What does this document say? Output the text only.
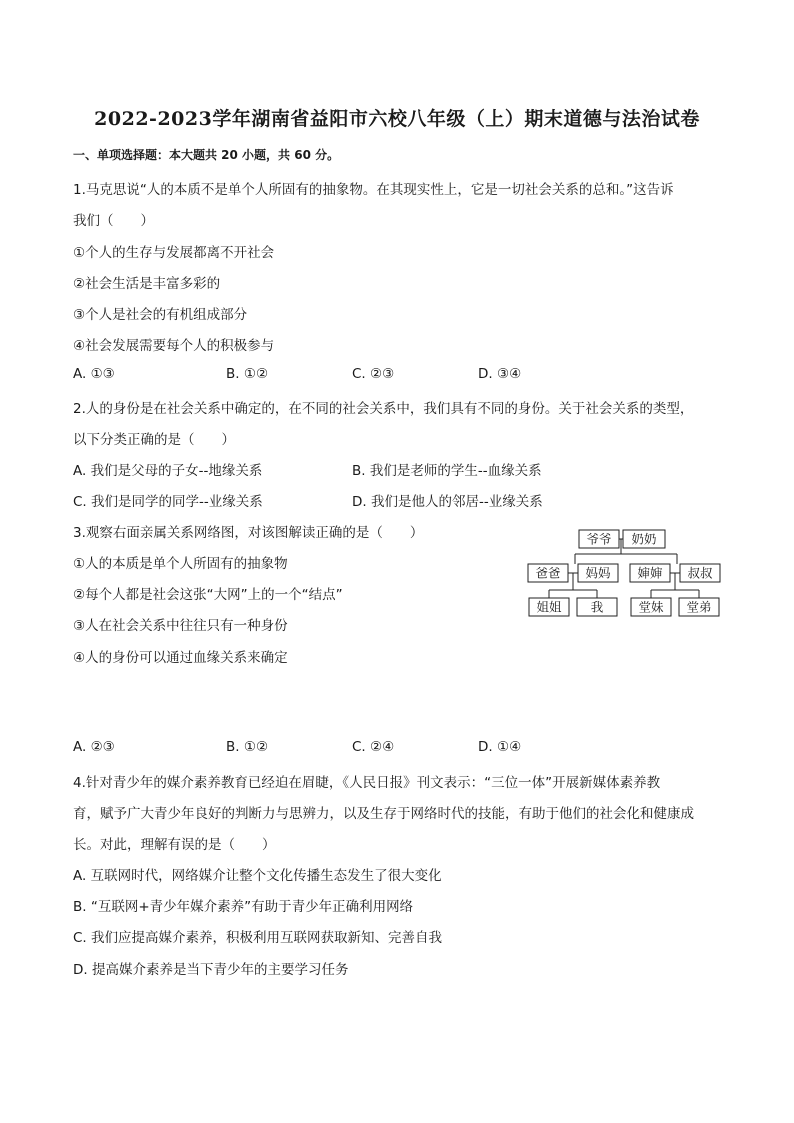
2022-2023学年湖南省益阳市六校八年级（上）期末道德与法治试卷
一、单项选择题：本大题共 20 小题，共 60 分。
1.马克思说“人的本质不是单个人所固有的抽象物。在其现实性上，它是一切社会关系的总和。”这告诉
我们（　　）
①个人的生存与发展都离不开社会
②社会生活是丰富多彩的
③个人是社会的有机组成部分
④社会发展需要每个人的积极参与
A. ①③	B. ①②	C. ②③	D. ③④
2.人的身份是在社会关系中确定的，在不同的社会关系中，我们具有不同的身份。关于社会关系的类型，
以下分类正确的是（　　）
A. 我们是父母的子女--地缘关系	B. 我们是老师的学生--血缘关系
C. 我们是同学的同学--业缘关系	D. 我们是他人的邻居--业缘关系
3.观察右面亲属关系网络图，对该图解读正确的是（　　）
①人的本质是单个人所固有的抽象物
②每个人都是社会这张“大网”上的一个“结点”
③人在社会关系中往往只有一种身份
④人的身份可以通过血缘关系来确定
爷爷 奶奶
爸爸 妈妈 婶婶 叔叔
姐姐 我	堂妹 堂弟
A. ②③	B. ①②	C. ②④	D. ①④
4.针对青少年的媒介素养教育已经迫在眉睫，《人民日报》刊文表示：“三位一体”开展新媒体素养教
育，赋予广大青少年良好的判断力与思辨力，以及生存于网络时代的技能，有助于他们的社会化和健康成
长。对此，理解有误的是（　　）
A. 互联网时代，网络媒介让整个文化传播生态发生了很大变化
B. “互联网+青少年媒介素养”有助于青少年正确利用网络
C. 我们应提高媒介素养，积极利用互联网获取新知、完善自我
D. 提高媒介素养是当下青少年的主要学习任务
